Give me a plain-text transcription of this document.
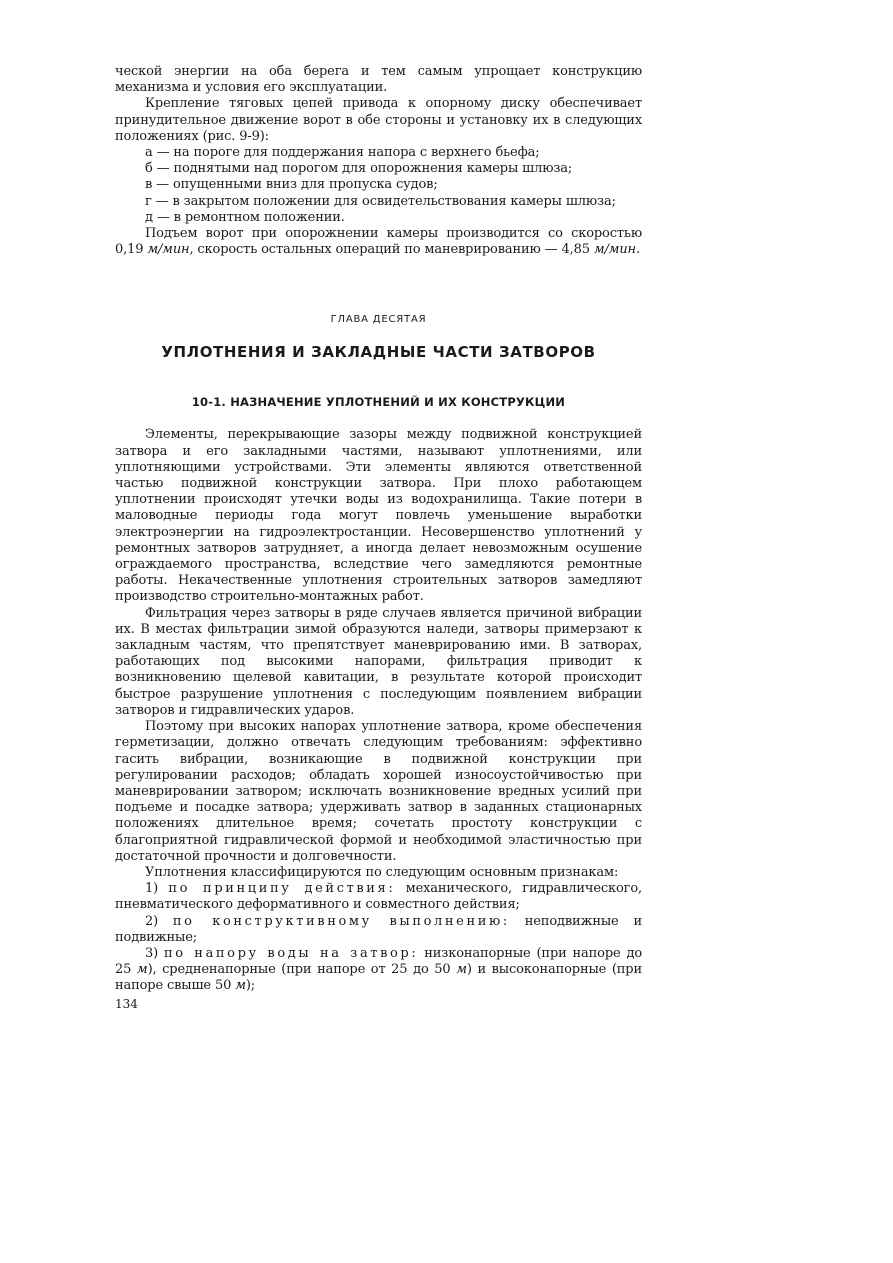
ческой энергии на оба берега и тем самым упрощает конструкцию механизма и условия его эксплуатации.

Крепление тяговых цепей привода к опорному диску обеспечивает принудительное движение ворот в обе стороны и установку их в следующих положениях (рис. 9-9):

а — на пороге для поддержания напора с верхнего бьефа;

б — поднятыми над порогом для опорожнения камеры шлюза;

в — опущенными вниз для пропуска судов;

г — в закрытом положении для освидетельствования камеры шлюза;

д — в ремонтном положении.

Подъем ворот при опорожнении камеры производится со скоростью 0,19 м/мин, скорость остальных операций по маневрированию — 4,85 м/мин.

ГЛАВА ДЕСЯТАЯ
УПЛОТНЕНИЯ И ЗАКЛАДНЫЕ ЧАСТИ ЗАТВОРОВ
10-1. НАЗНАЧЕНИЕ УПЛОТНЕНИЙ И ИХ КОНСТРУКЦИИ

Элементы, перекрывающие зазоры между подвижной конструкцией затвора и его закладными частями, называют уплотнениями, или уплотняющими устройствами. Эти элементы являются ответственной частью подвижной конструкции затвора. При плохо работающем уплотнении происходят утечки воды из водохранилища. Такие потери в маловодные периоды года могут повлечь уменьшение выработки электроэнергии на гидроэлектростанции. Несовершенство уплотнений у ремонтных затворов затрудняет, а иногда делает невозможным осушение ограждаемого пространства, вследствие чего замедляются ремонтные работы. Некачественные уплотнения строительных затворов замедляют производство строительно-монтажных работ.

Фильтрация через затворы в ряде случаев является причиной вибрации их. В местах фильтрации зимой образуются наледи, затворы примерзают к закладным частям, что препятствует маневрированию ими. В затворах, работающих под высокими напорами, фильтрация приводит к возникновению щелевой кавитации, в результате которой происходит быстрое разрушение уплотнения с последующим появлением вибрации затворов и гидравлических ударов.

Поэтому при высоких напорах уплотнение затвора, кроме обеспечения герметизации, должно отвечать следующим требованиям: эффективно гасить вибрации, возникающие в подвижной конструкции при регулировании расходов; обладать хорошей износоустойчивостью при маневрировании затвором; исключать возникновение вредных усилий при подъеме и посадке затвора; удерживать затвор в заданных стационарных положениях длительное время; сочетать простоту конструкции с благоприятной гидравлической формой и необходимой эластичностью при достаточной прочности и долговечности.

Уплотнения классифицируются по следующим основным признакам:

1) по принципу действия: механического, гидравлического, пневматического деформативного и совместного действия;

2) по конструктивному выполнению: неподвижные и подвижные;

3) по напору воды на затвор: низконапорные (при напоре до 25 м), средненапорные (при напоре от 25 до 50 м) и высоконапорные (при напоре свыше 50 м);

134
